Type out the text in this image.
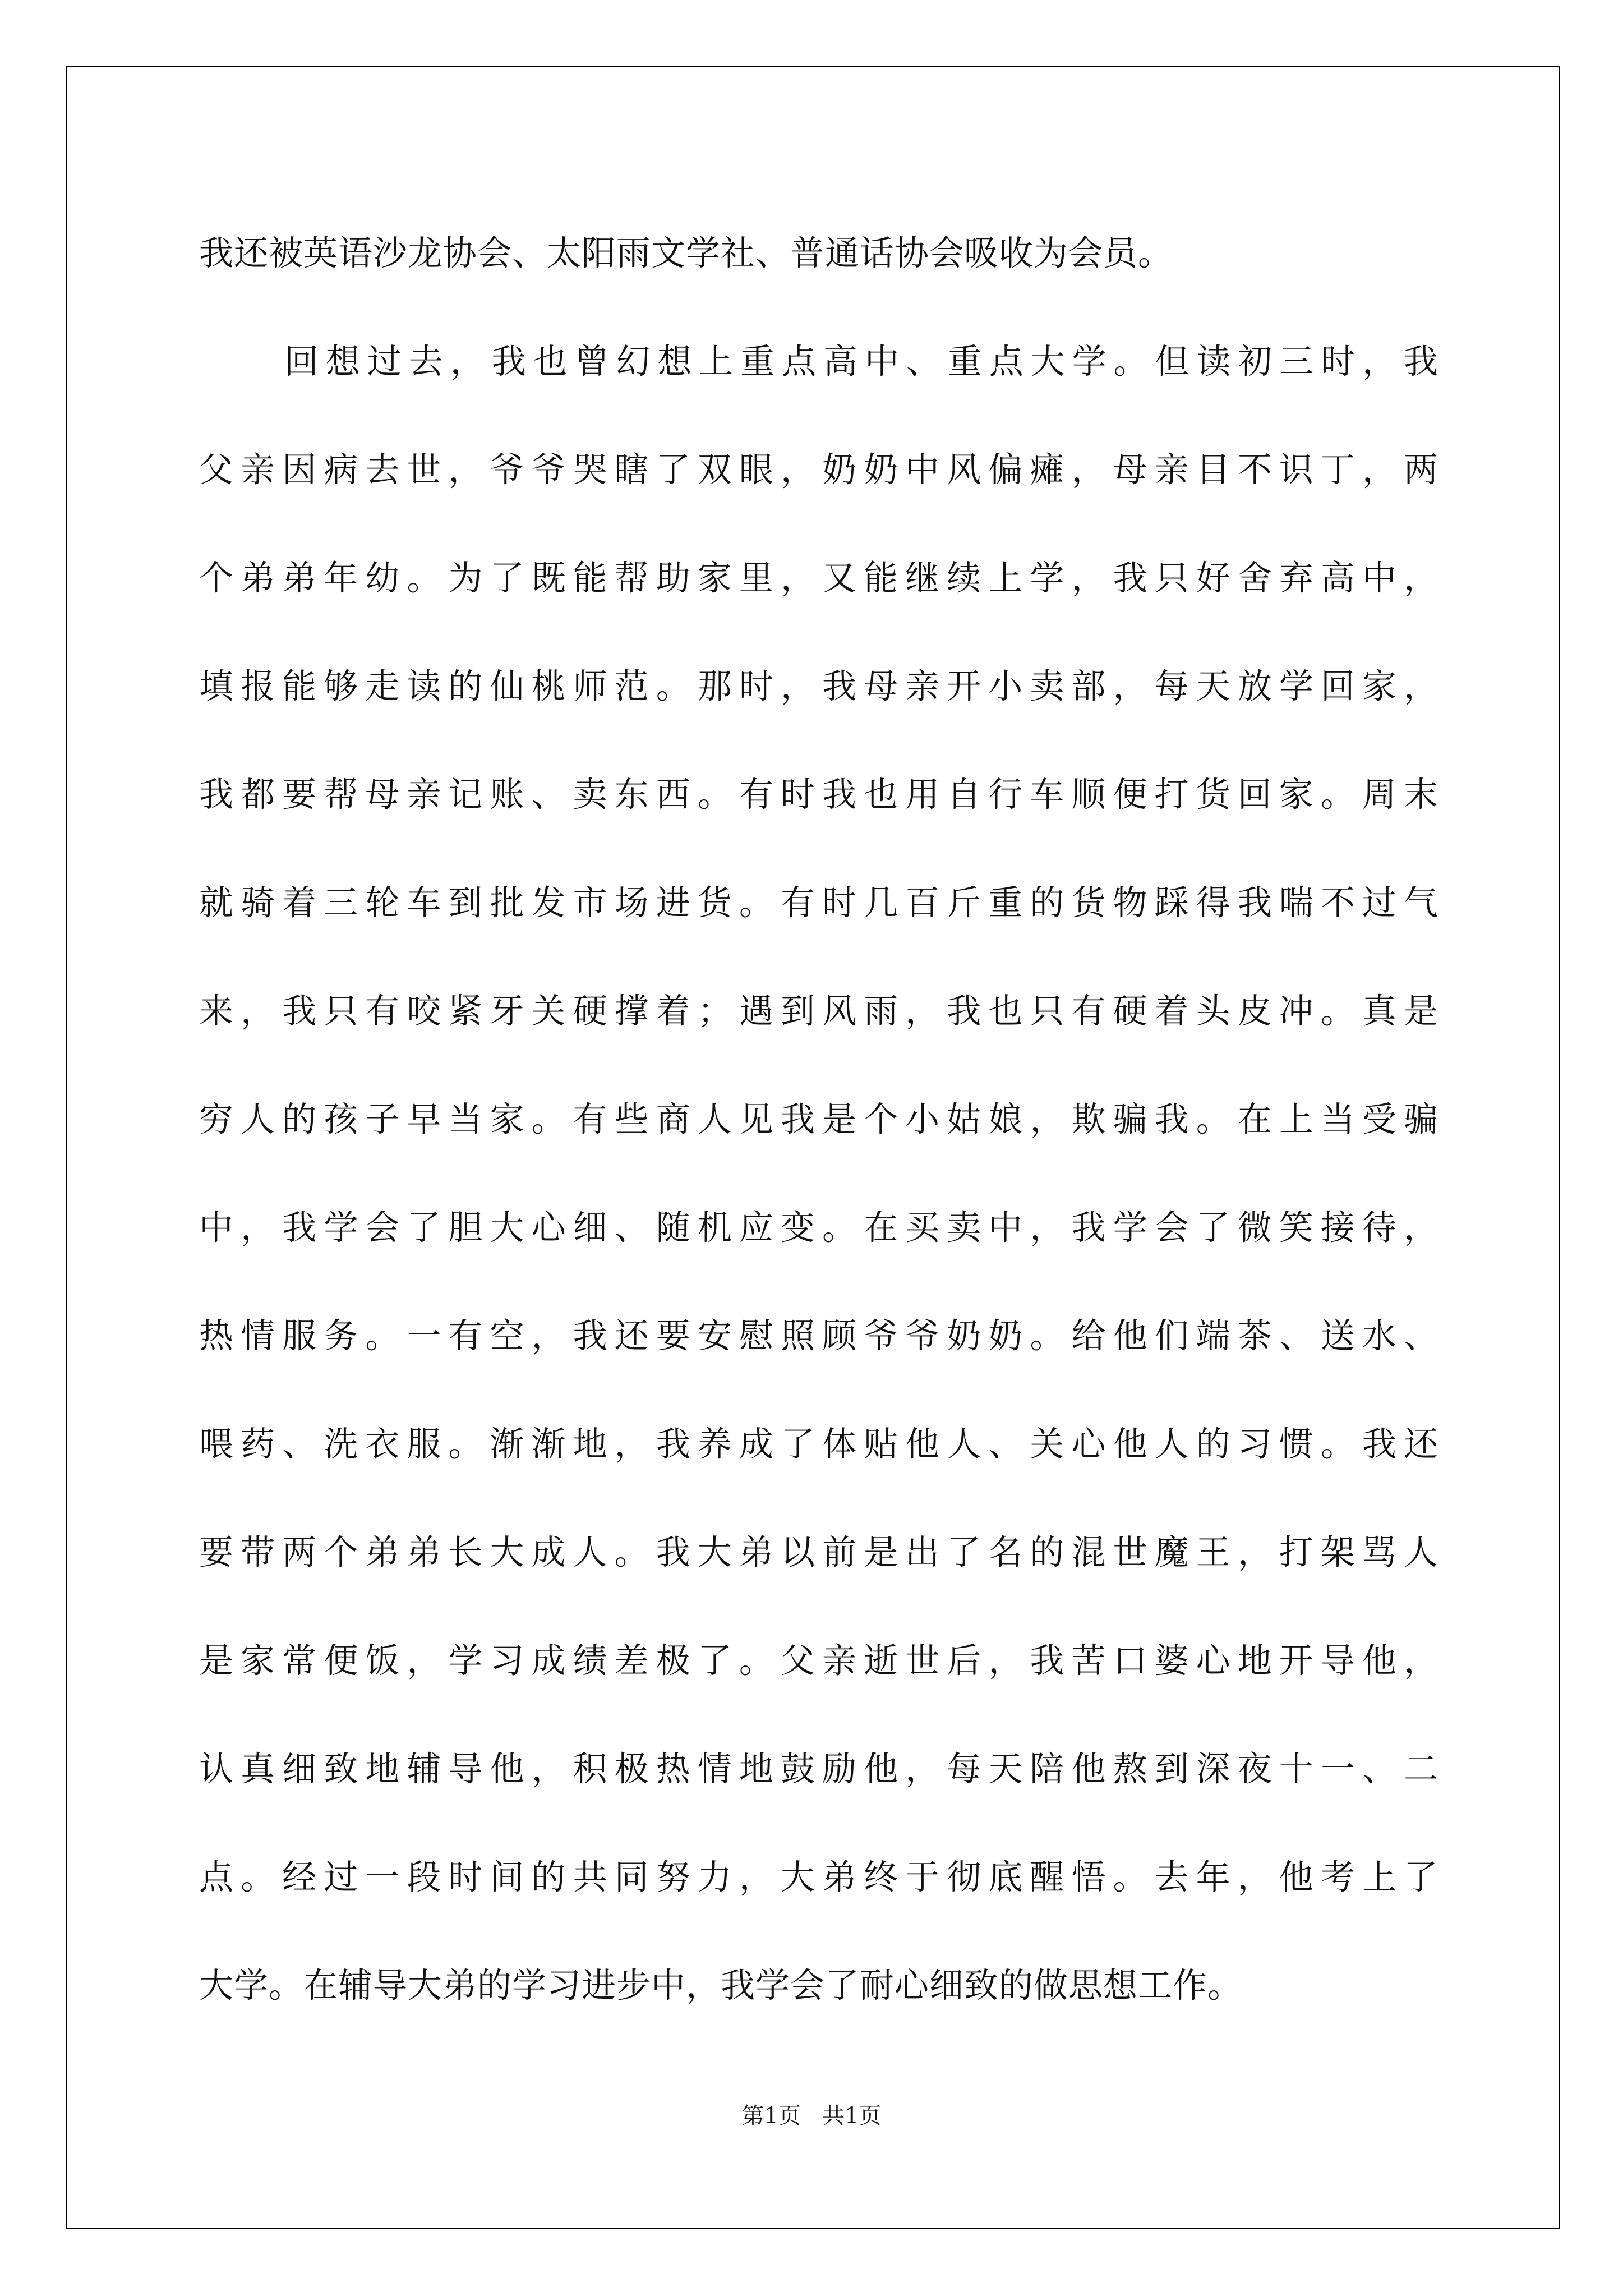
我还被英语沙龙协会、太阳雨文学社、普通话协会吸收为会员。
回想过去，我也曾幻想上重点高中、重点大学。但读初三时，我
父亲因病去世，爷爷哭瞎了双眼，奶奶中风偏瘫，母亲目不识丁，两
个弟弟年幼。为了既能帮助家里，又能继续上学，我只好舍弃高中，
填报能够走读的仙桃师范。那时，我母亲开小卖部，每天放学回家，
我都要帮母亲记账、卖东西。有时我也用自行车顺便打货回家。周末
就骑着三轮车到批发市场进货。有时几百斤重的货物踩得我喘不过气
来，我只有咬紧牙关硬撑着；遇到风雨，我也只有硬着头皮冲。真是
穷人的孩子早当家。有些商人见我是个小姑娘，欺骗我。在上当受骗
中，我学会了胆大心细、随机应变。在买卖中，我学会了微笑接待，
热情服务。一有空，我还要安慰照顾爷爷奶奶。给他们端茶、送水、
喂药、洗衣服。渐渐地，我养成了体贴他人、关心他人的习惯。我还
要带两个弟弟长大成人。我大弟以前是出了名的混世魔王，打架骂人
是家常便饭，学习成绩差极了。父亲逝世后，我苦口婆心地开导他，
认真细致地辅导他，积极热情地鼓励他，每天陪他熬到深夜十一、二
点。经过一段时间的共同努力，大弟终于彻底醒悟。去年，他考上了
大学。在辅导大弟的学习进步中，我学会了耐心细致的做思想工作。
第1页   共1页
